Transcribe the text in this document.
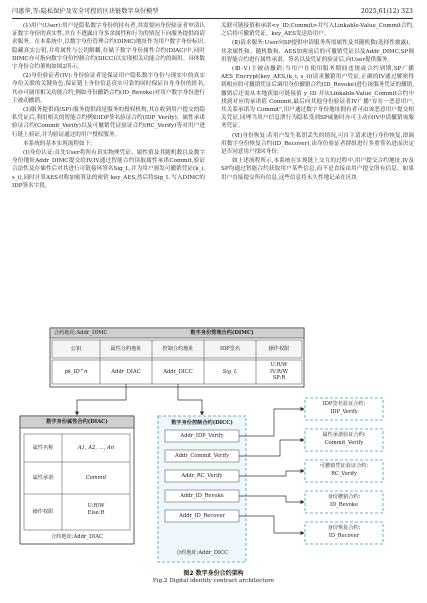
闫惠华,等:隐私保护及安全可控的区块链数字身份模型	2025,61(12) 323

(1)用户(User):用户是隐私数字身份的持有者,其需要向身份验证者申请认证数字身份的真实性,并在不透露自身多余属性和行为的情况下向服务提供商请求服务。在本系统中,以数字身份管理合约(DIMC)地址作为用户数字身份标识,隐藏真实公钥,并将属性与公钥解耦,存储于数字身份属性合约(DIAC)中,同时DIMC亦可指向数字身份控制合约(DICC)以实现相关功能合约的调用。具体数字身份合约架构如图2所示。

(2)身份验证者(IV):身份验证者是保证用户隐私数字身份与现实中的真实身份关联的关键角色,保证链上身份信息真实可靠的同时保证自身身份的匿名,其亦可调用相关功能合约,例如身份撤销合约(ID_Revoke)对用户数字身份进行主被动撤销。

(3)服务提供商(SP):服务提供商是服务的授权机构,其在收到用户提交的隐私凭证后,利用相关的智能合约例如IDP签名验证合约(IDP_Verify)、属性承诺验证合约(Commit_Verify)以及可撤销凭证验证合约(RC_Verify)等对用户进行链上验证,并为验证通过的用户授权服务。

本系统的基本实现流程如下:

(Ⅰ)身份认证:首先User将所有真实物理凭证、属性值及其随机数以及数字身份地址Addr_DIMC提交给IV,IV通过智能合约读取属性承诺Commit,验证合法性及存储性后对其进行可链接环签名Sig_L,并为用户颁发可撤销凭证(k_i, s_i),同时计算AES对称加密算法的密钥 key_AES,然后将Sig_L 写入DIMC的IDP签名字段,

关联可链接值和承诺<y_ID,Commit>并写入Linkable-Value_Commit合约,之后将可撤销凭证、key_AES发送给用户。

(Ⅱ)请求服务:User向SP提供申请服务所需属性及其随机数(选择性披露)、其余属性和、随机数和、AES加密前后的可撤销凭证以及Addr_DIMC,SP调用智能合约进行属性承诺、签名以及凭证的验证后,向User提供服务。

(Ⅲ-Ⅴ)主被动撤销:当用户在使用服务期间违规或合约到期,SP广播 AES_Encrypt(key_AES,(k_i, s_i))请求撤销用户凭证,正确的IV通过解密得到相应的可撤销凭证后调用身份撤销合约(ID_Revoke)进行该服务凭证的撤销,撤销后还需从本地获取可链接值 y_ID 并从Linkable-Value_Commit合约中找到对应的承诺值 Commit,最后向其他身份验证者IV广播"存在一恶意用户,其关系承诺为 Commit",用户通过数字身份地址拥有者可由该恶意用户提交相关凭证,同理当用户信息泄行为隐私受到SP威胁时亦可主动向IV申请撤销该服务凭证。

(Ⅵ)身份恢复:若用户发生私钥丢失的情况,可自主请求进行身份恢复,即调用数字身份恢复合约(ID_Recover),由身份验证者群组进行多重签名进而决定是否同意用户找回身份。

如上述流程所示,本系统在实现链上交互的过程中,用户提交合约地址,IV及SP均通过智能合约获取用户某些信息,而不是直接由用户提交所有信息。如果用户直接提交所有信息,这些信息将永久性地记录在区块

合约地址:Addr_DIMC	数字身份管理合约(DIMC)
公钥	属性合约地址	控制合约地址	IDP签名	操作权限
pk_ID^n	Addr_DIAC	Addr_DICC	Sig_L
U:R/W
IV:R/W
SP:R
数字身份属性合约(DIAC)
属性名称	A1, A2, …, An
属性承诺	Commit
操作权限
U:R/W
Else:R
合约地址:Addr_DIAC
数字身份控制合约(DICC)
Addr_IDP_Verify
Addr_Commit_Verify
Addr_RC_Verify
Addr_ID_Revoke
Addr_ID_Recover
合约地址:Addr_DICC
IDP签名验证合约:
IDP_Verify
属性承诺验证合约:
Commit_Verify
可撤销凭证验证合约:
RC_Verify
身份撤销合约:
ID_Revoke
身份恢复合约:
ID_Recover
图2 数字身份合约架构
Fig.2 Digital identity contract architecture
